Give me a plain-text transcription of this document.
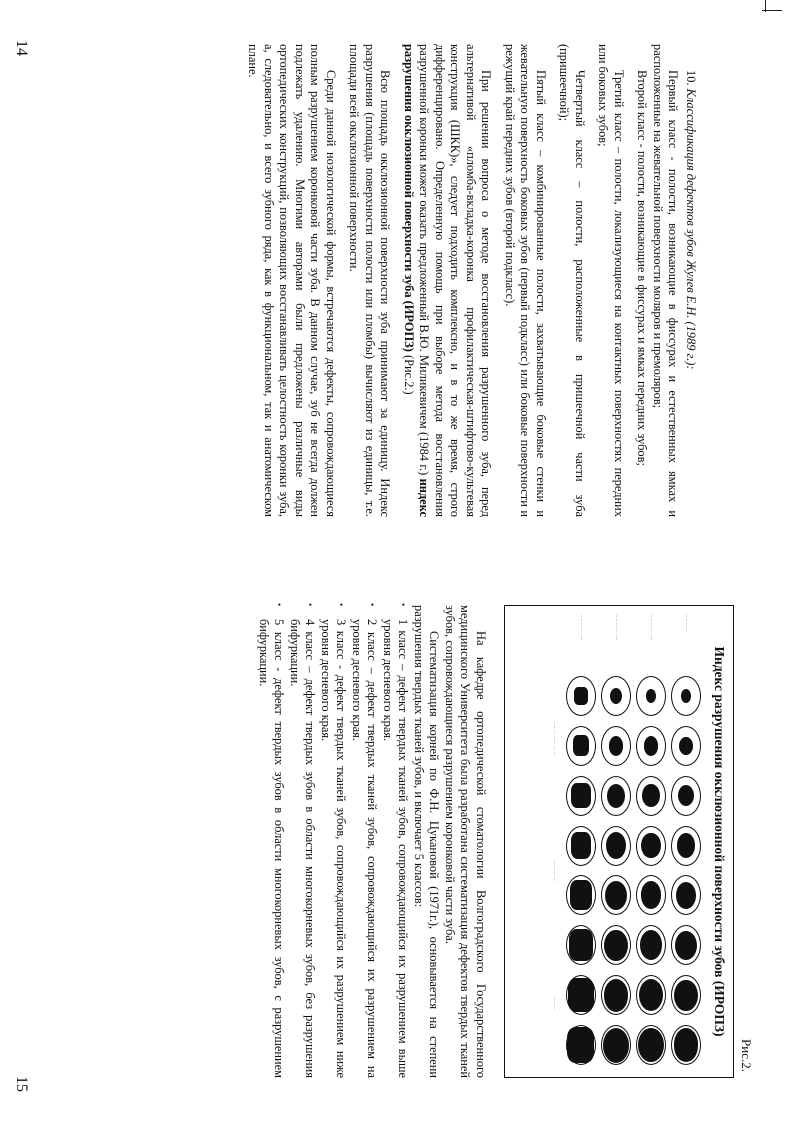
10. Классификация дефектов зубов Жулев Е.Н. (1989 г.):

Первый класс - полости, возникающие в фиссурах и естественных ямках и расположенные на жевательной поверхности моляров и премоляров;

Второй класс - полости, возникающие в фиссурах и ямках передних зубов;

Третий класс – полости, локализующиеся на контактных поверхностях передних или боковых зубов;

Четвертый класс – полости, расположенные в пришеечной части зуба (пришеечной);

Пятый класс – комбинированные полости, захватывающие боковые стенки и жевательную поверхность боковых зубов (первый подкласс) или боковые поверхности и режущий край передних зубов (второй подкласс).

При решении вопроса о методе восстановления разрушенного зуба, перед альтернативой «пломба-вкладка-коронка профилактическая-штифтово-культевая конструкция (ШКК)», следует подходить комплексно, и в то же время, строго дифференцировано. Определенную помощь при выборе метода восстановления разрушенной коронки может оказать предложенный В.Ю. Миликевичем (1984 г.) индекс разрушения окклюзионной поверхности зуба (ИРОПЗ) (Рис.2.)

Всю площадь окклюзионной поверхности зуба принимают за единицу. Индекс разрушения (площадь поверхности полости или пломбы) вычисляют из единицы, т.е. площади всей окклюзионной поверхности.

Среди данной нозологической формы, встречаются дефекты, сопровождающиеся полным разрушением коронковой части зуба. В данном случае, зуб не всегда должен подлежать удалению. Многими авторами были предложены различные виды ортопедических конструкций, позволяющих восстанавливать целостность коронки зуба, а, следовательно, и всего зубного ряда, как в функциональном, так и анатомическом плане.

14
Рис.2.
Индекс разрушения окклюзионной поверхности зубов (ИРОПЗ)
·· ·······
·· ······· ····
·· ······· ····
·· ······· ····
···· ········ ·····
········· ···
·· ·····

На кафедре ортопедической стоматологии Волгоградского Государственного медицинского Университета была разработана систематизация дефектов твердых тканей зубов, сопровождающиеся разрушением коронковой части зуба.

Систематизация корней по Ф.Н. Цукановой (1971г.), основывается на степени разрушения твердых тканей зубов, и включает 5 классов:

• 1 класс – дефект твердых тканей зубов, сопровождающийся их разрушением выше уровня десневого края.
• 2 класс – дефект твердых тканей зубов, сопровождающийся их разрушением на уровне десневого края.
• 3 класс - дефект твердых тканей зубов, сопровождающийся их разрушением ниже уровня десневого края.
• 4 класс – дефект твердых зубов в области многокорневых зубов, без разрушения бифуркации.
• 5 класс - дефект твердых зубов в области многокорневых зубов, с разрушением бифуркации.
15
